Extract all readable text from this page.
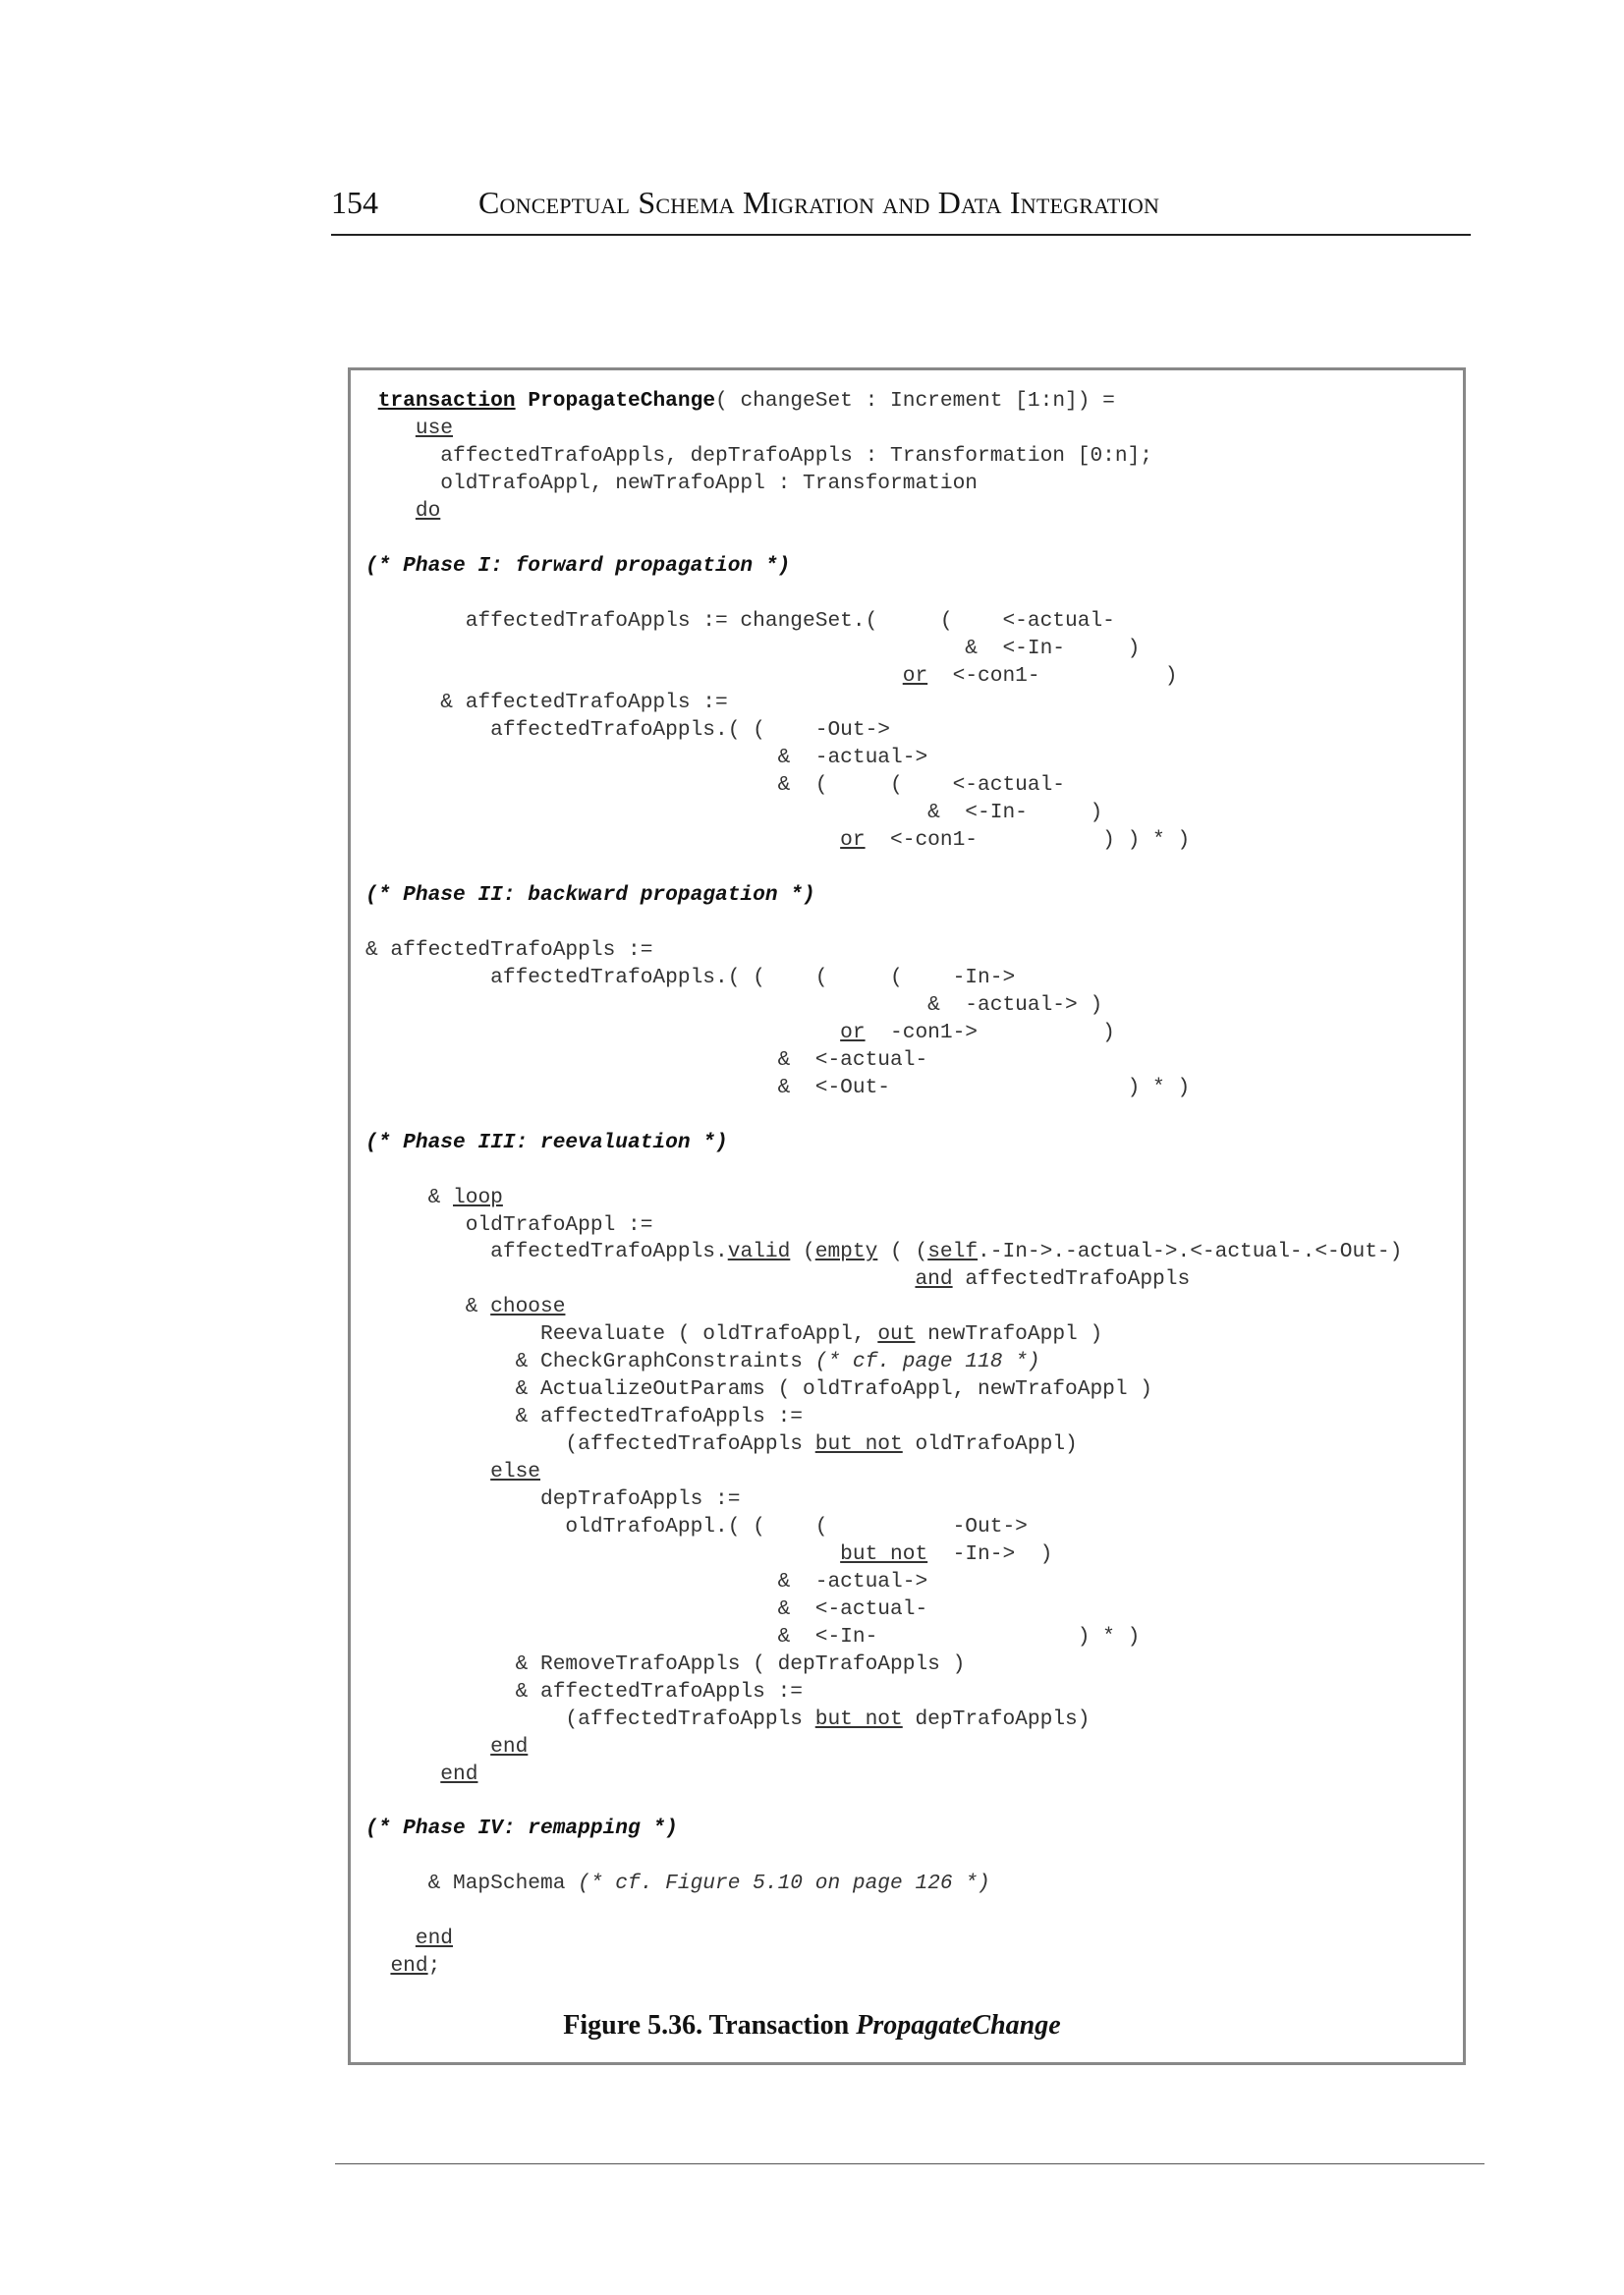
154	Conceptual Schema Migration and Data Integration
transaction PropagateChange( changeSet : Increment [1:n]) =
use
affectedTrafoAppls, depTrafoAppls : Transformation [0:n];
oldTrafoAppl, newTrafoAppl : Transformation
do
(* Phase I: forward propagation *)
affectedTrafoAppls := changeSet.(     (    <-actual-
&  <-In-     )
or  <-con1-          )
& affectedTrafoAppls :=
affectedTrafoAppls.( (    -Out->
&  -actual->
&  (     (    <-actual-
&  <-In-     )
or  <-con1-          ) ) * )
(* Phase II: backward propagation *)
& affectedTrafoAppls :=
affectedTrafoAppls.( (    (     (    -In->
&  -actual-> )
or  -con1->          )
&  <-actual-
&  <-Out-                   ) * )
(* Phase III: reevaluation *)
& loop
oldTrafoAppl :=
affectedTrafoAppls.valid (empty ( (self.-In->.-actual->.<-actual-.<-Out-)
and affectedTrafoAppls
& choose
Reevaluate ( oldTrafoAppl, out newTrafoAppl )
& CheckGraphConstraints (* cf. page 118 *)
& ActualizeOutParams ( oldTrafoAppl, newTrafoAppl )
& affectedTrafoAppls :=
(affectedTrafoAppls but not oldTrafoAppl)
else
depTrafoAppls :=
oldTrafoAppl.( (    (          -Out->
but not  -In->  )
&  -actual->
&  <-actual-
&  <-In-                ) * )
& RemoveTrafoAppls ( depTrafoAppls )
& affectedTrafoAppls :=
(affectedTrafoAppls but not depTrafoAppls)
end
end
(* Phase IV: remapping *)
& MapSchema (* cf. Figure 5.10 on page 126 *)
end
end;
Figure 5.36. Transaction PropagateChange
